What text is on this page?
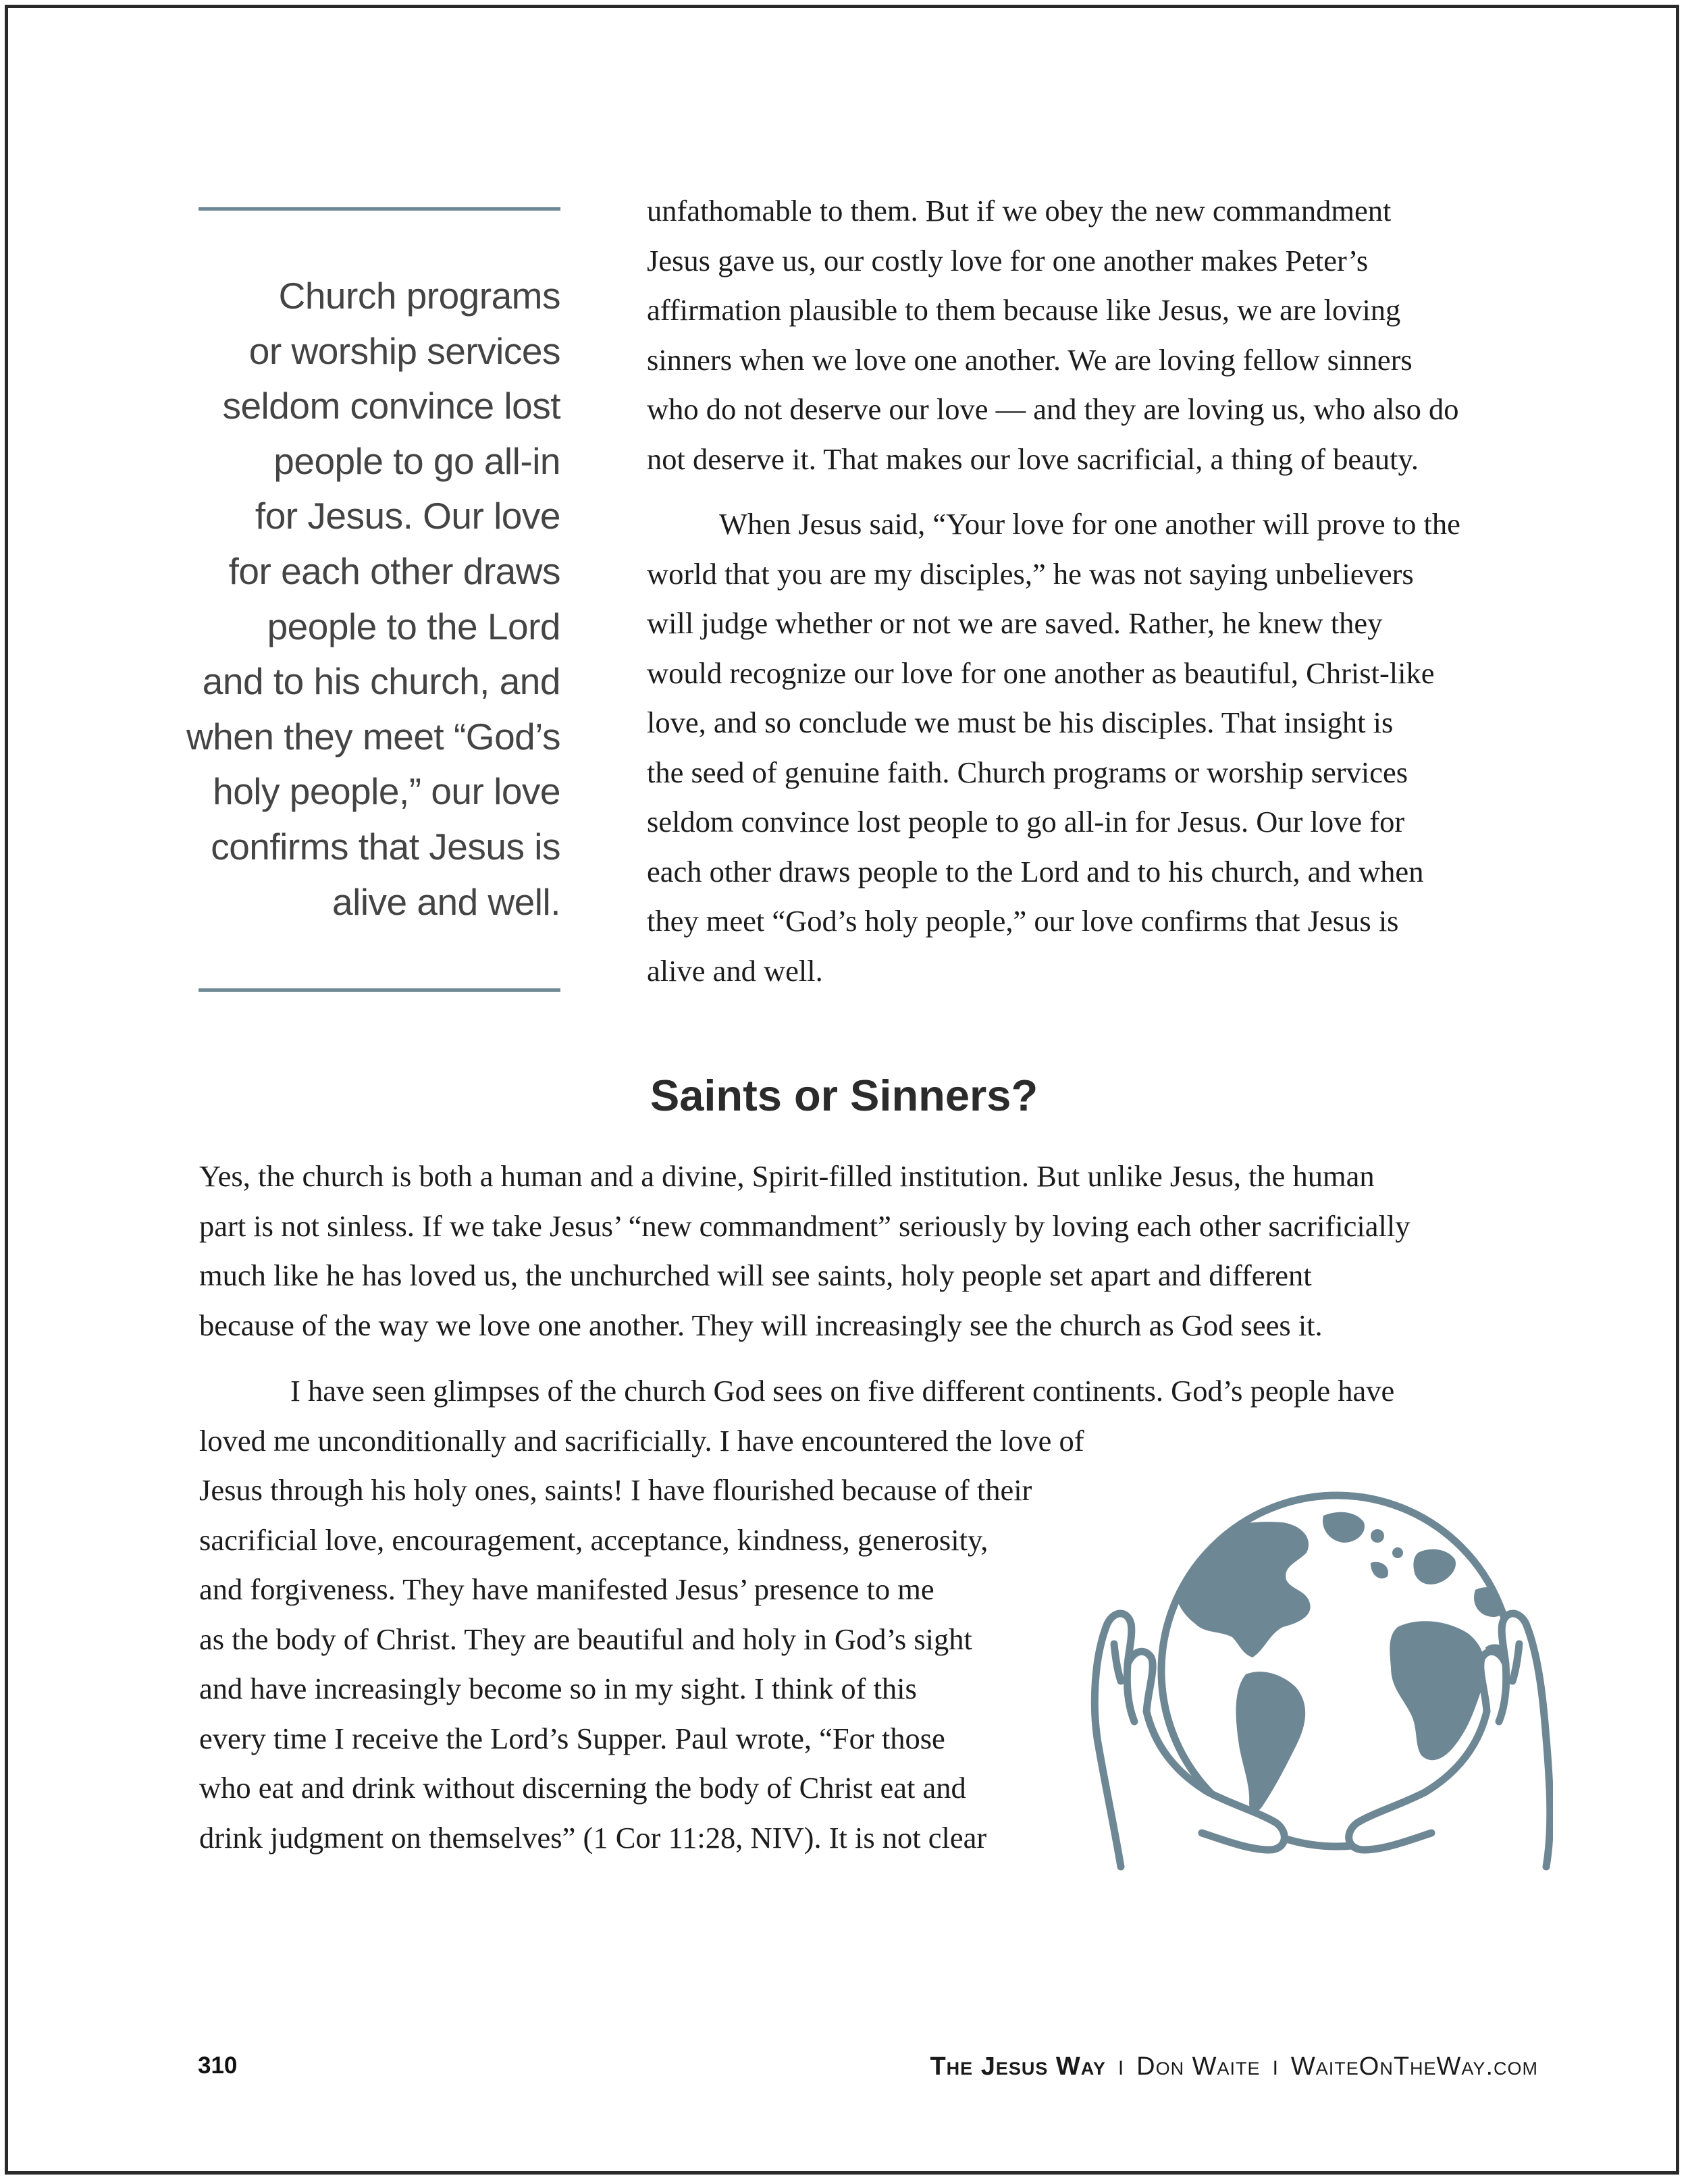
Church programs
or worship services
seldom convince lost
people to go all-in
for Jesus. Our love
for each other draws
people to the Lord
and to his church, and
when they meet “God’s
holy people,” our love
confirms that Jesus is
alive and well.

unfathomable to them. But if we obey the new commandment
Jesus gave us, our costly love for one another makes Peter’s
affirmation plausible to them because like Jesus, we are loving
sinners when we love one another. We are loving fellow sinners
who do not deserve our love — and they are loving us, who also do
not deserve it. That makes our love sacrificial, a thing of beauty.

When Jesus said, “Your love for one another will prove to the
world that you are my disciples,” he was not saying unbelievers
will judge whether or not we are saved. Rather, he knew they
would recognize our love for one another as beautiful, Christ-like
love, and so conclude we must be his disciples. That insight is
the seed of genuine faith. Church programs or worship services
seldom convince lost people to go all-in for Jesus. Our love for
each other draws people to the Lord and to his church, and when
they meet “God’s holy people,” our love confirms that Jesus is
alive and well.

Saints or Sinners?

Yes, the church is both a human and a divine, Spirit-filled institution. But unlike Jesus, the human
part is not sinless. If we take Jesus’ “new commandment” seriously by loving each other sacrificially
much like he has loved us, the unchurched will see saints, holy people set apart and different
because of the way we love one another. They will increasingly see the church as God sees it.

I have seen glimpses of the church God sees on five different continents. God’s people have
loved me unconditionally and sacrificially. I have encountered the love of
Jesus through his holy ones, saints! I have flourished because of their
sacrificial love, encouragement, acceptance, kindness, generosity,
and forgiveness. They have manifested Jesus’ presence to me
as the body of Christ. They are beautiful and holy in God’s sight
and have increasingly become so in my sight. I think of this
every time I receive the Lord’s Supper. Paul wrote, “For those
who eat and drink without discerning the body of Christ eat and
drink judgment on themselves” (1 Cor 11:28, NIV). It is not clear

310	The Jesus Way I Don Waite I WaiteOnTheWay.com
